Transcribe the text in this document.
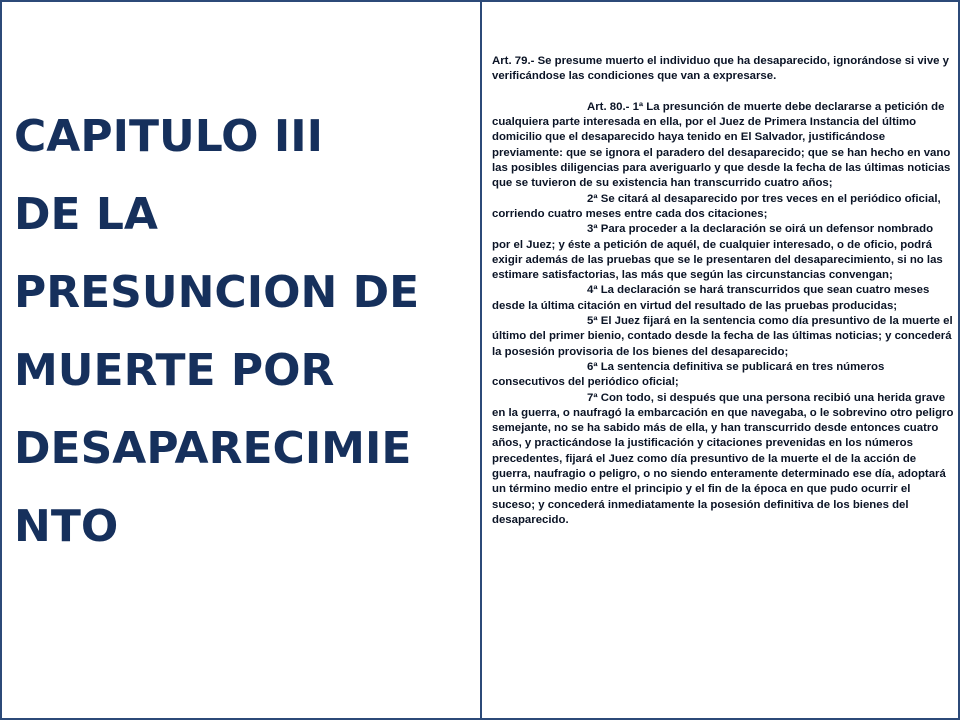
CAPITULO III
DE LA
PRESUNCION DE
MUERTE POR
DESAPARECIMIE
NTO

Art. 79.- Se presume muerto el individuo que ha desaparecido, ignorándose si vive y verificándose las condiciones que van a expresarse.

Art. 80.- 1ª La presunción de muerte debe declararse a petición de cualquiera parte interesada en ella, por el Juez de Primera Instancia del último domicilio que el desaparecido haya tenido en El Salvador, justificándose previamente: que se ignora el paradero del desaparecido; que se han hecho en vano las posibles diligencias para averiguarlo y que desde la fecha de las últimas noticias que se tuvieron de su existencia han transcurrido cuatro años;

2ª Se citará al desaparecido por tres veces en el periódico oficial, corriendo cuatro meses entre cada dos citaciones;

3ª Para proceder a la declaración se oirá un defensor nombrado por el Juez; y éste a petición de aquél, de cualquier interesado, o de oficio, podrá exigir además de las pruebas que se le presentaren del desaparecimiento, si no las estimare satisfactorias, las más que según las circunstancias convengan;

4ª La declaración se hará transcurridos que sean cuatro meses desde la última citación en virtud del resultado de las pruebas producidas;

5ª El Juez fijará en la sentencia como día presuntivo de la muerte el último del primer bienio, contado desde la fecha de las últimas noticias; y concederá la posesión provisoria de los bienes del desaparecido;

6ª La sentencia definitiva se publicará en tres números consecutivos del periódico oficial;

7ª Con todo, si después que una persona recibió una herida grave en la guerra, o naufragó la embarcación en que navegaba, o le sobrevino otro peligro semejante, no se ha sabido más de ella, y han transcurrido desde entonces cuatro años, y practicándose la justificación y citaciones prevenidas en los números precedentes, fijará el Juez como día presuntivo de la muerte el de la acción de guerra, naufragio o peligro, o no siendo enteramente determinado ese día, adoptará un término medio entre el principio y el fin de la época en que pudo ocurrir el suceso; y concederá inmediatamente la posesión definitiva de los bienes del desaparecido.
